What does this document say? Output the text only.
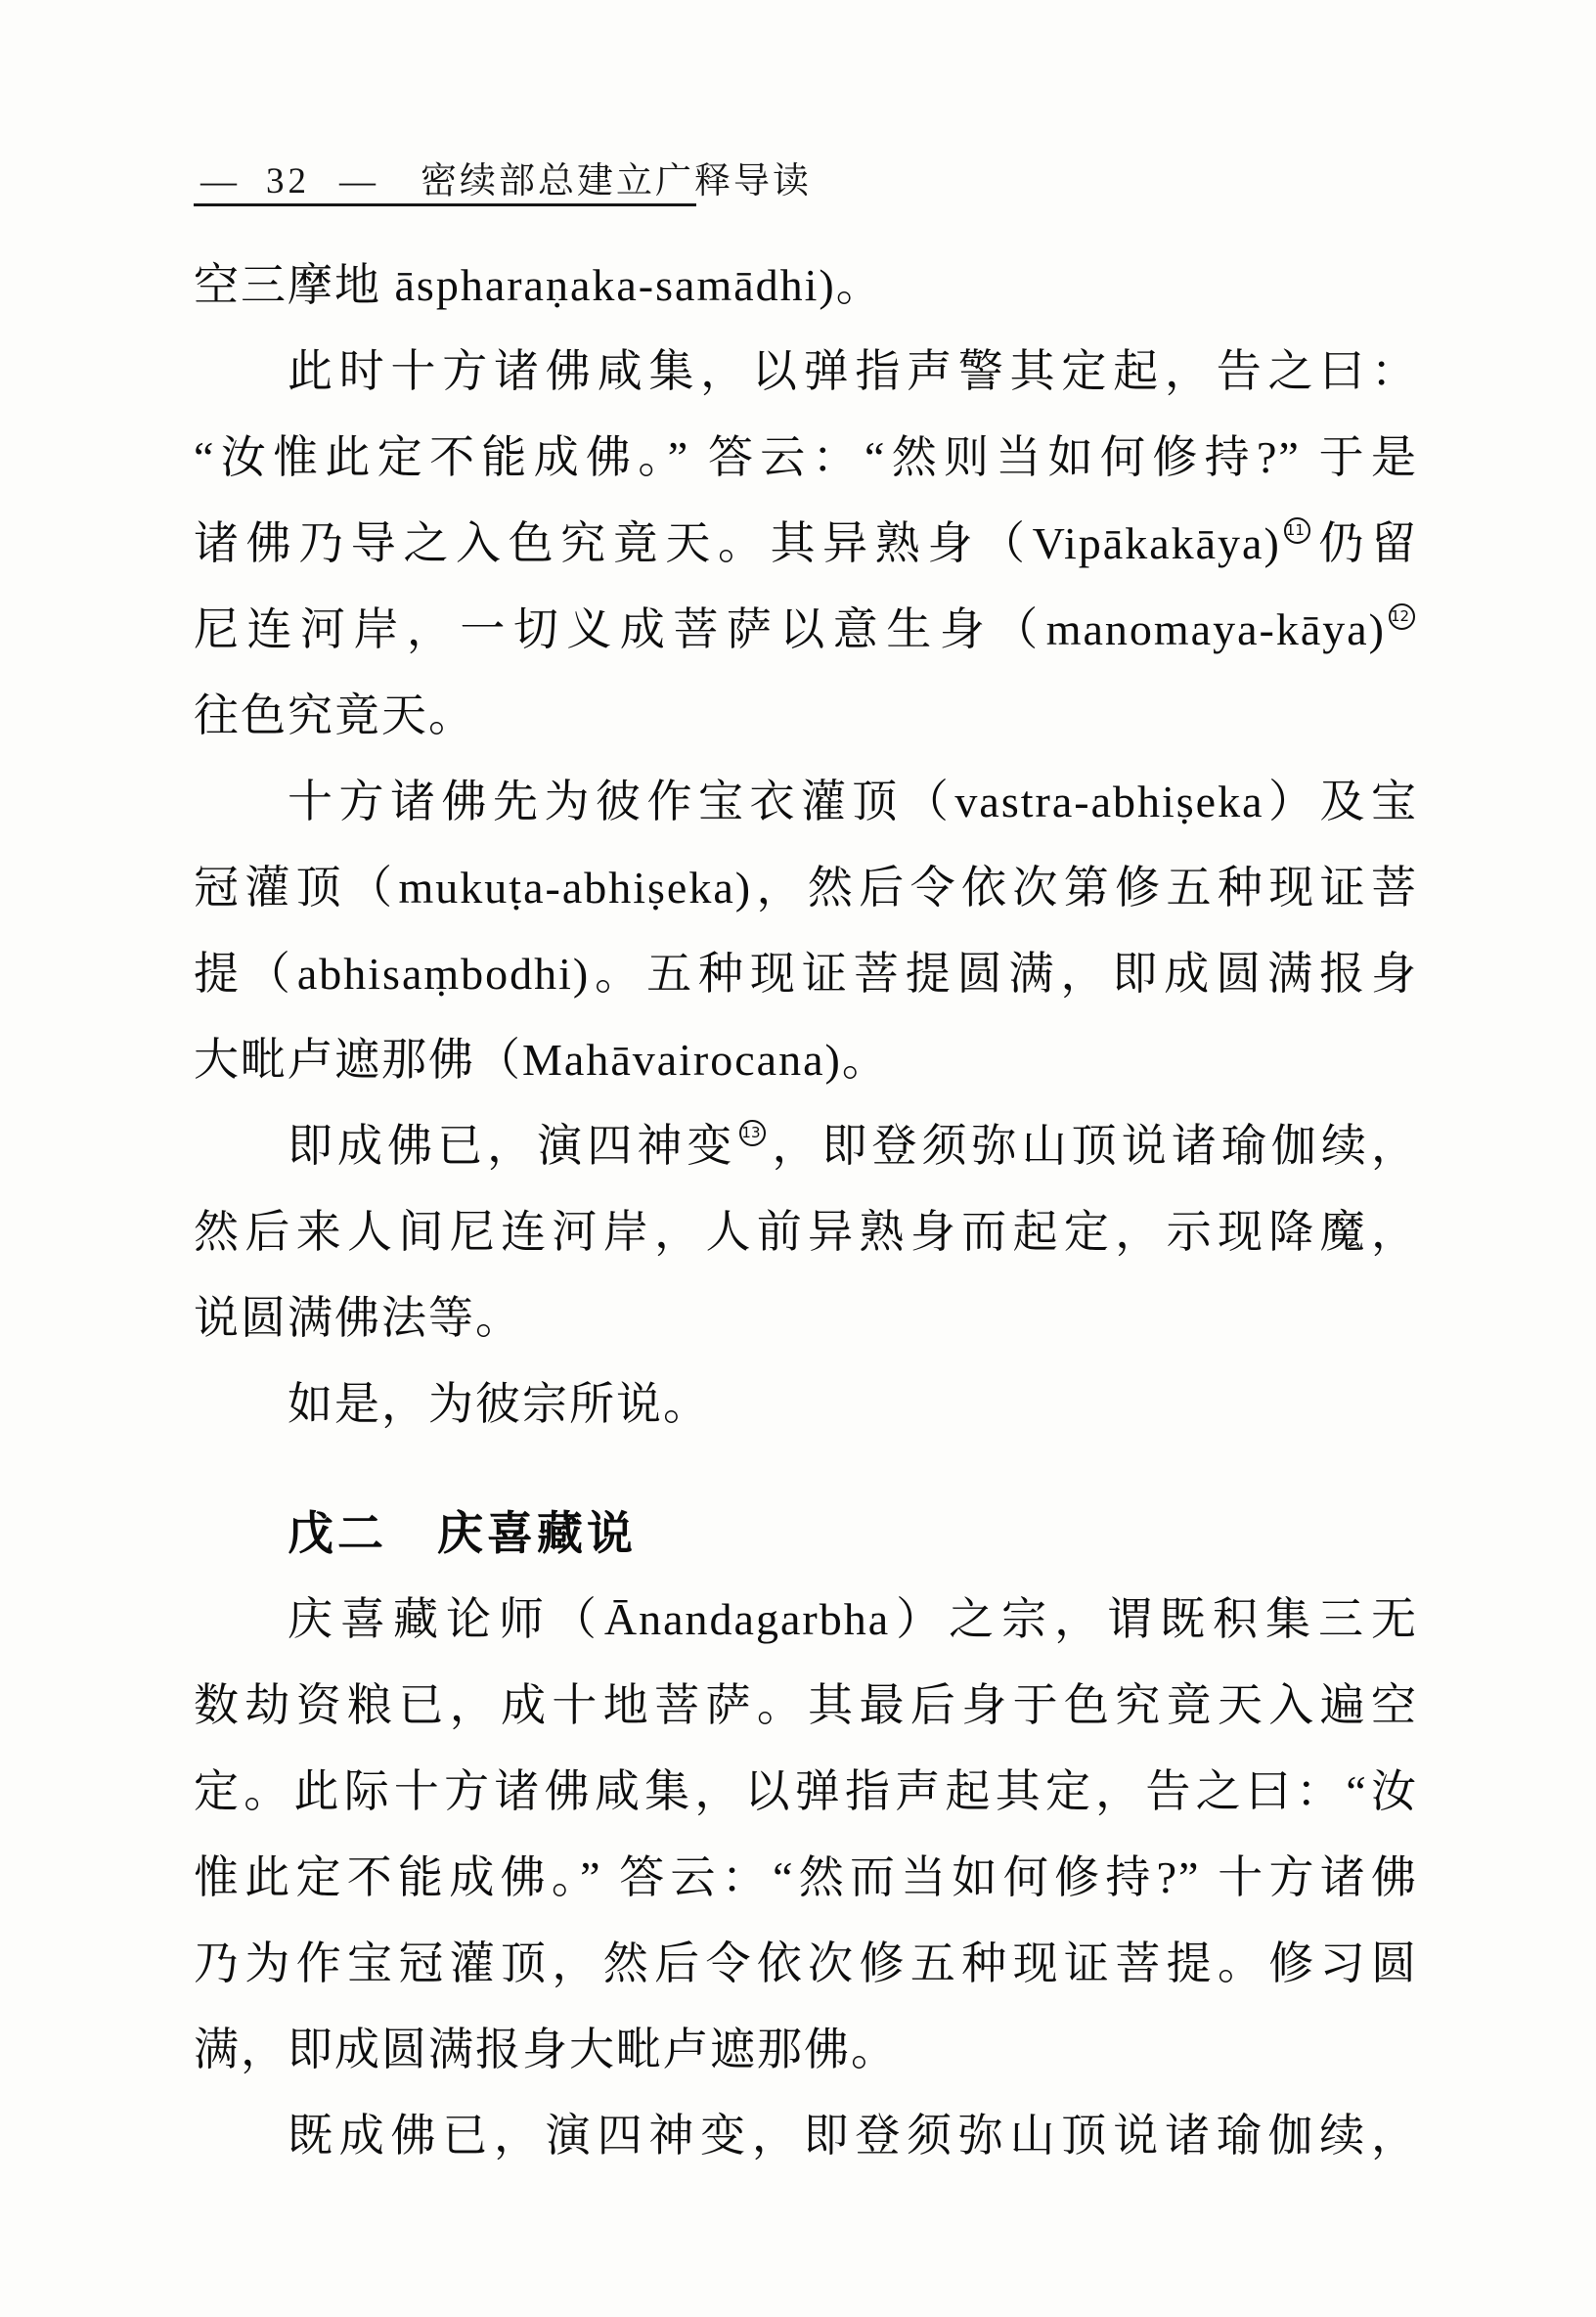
— 32 — 密续部总建立广释导读
空三摩地 āspharaṇaka-samādhi)。
此时十方诸佛咸集，以弹指声警其定起，告之曰：
“汝惟此定不能成佛。” 答云：“然则当如何修持?” 于是
诸佛乃导之入色究竟天。其异熟身（Vipākakāya) $^{11}$ 仍留
尼连河岸，一切义成菩萨以意生身（manomaya-kāya) $^{12}$
往色究竟天。
十方诸佛先为彼作宝衣灌顶（vastra-abhiṣeka）及宝
冠灌顶（mukuṭa-abhiṣeka)，然后令依次第修五种现证菩
提（abhisaṃbodhi)。五种现证菩提圆满，即成圆满报身
大毗卢遮那佛（Mahāvairocana)。
即成佛已，演四神变 $^{13}$ ，即登须弥山顶说诸瑜伽续，
然后来人间尼连河岸，人前异熟身而起定，示现降魔，
说圆满佛法等。
如是，为彼宗所说。
戊二　庆喜藏说
庆喜藏论师（Ānandagarbha）之宗，谓既积集三无
数劫资粮已，成十地菩萨。其最后身于色究竟天入遍空
定。此际十方诸佛咸集，以弹指声起其定，告之曰：“汝
惟此定不能成佛。” 答云：“然而当如何修持?” 十方诸佛
乃为作宝冠灌顶，然后令依次修五种现证菩提。修习圆
满，即成圆满报身大毗卢遮那佛。
既成佛已，演四神变，即登须弥山顶说诸瑜伽续，
